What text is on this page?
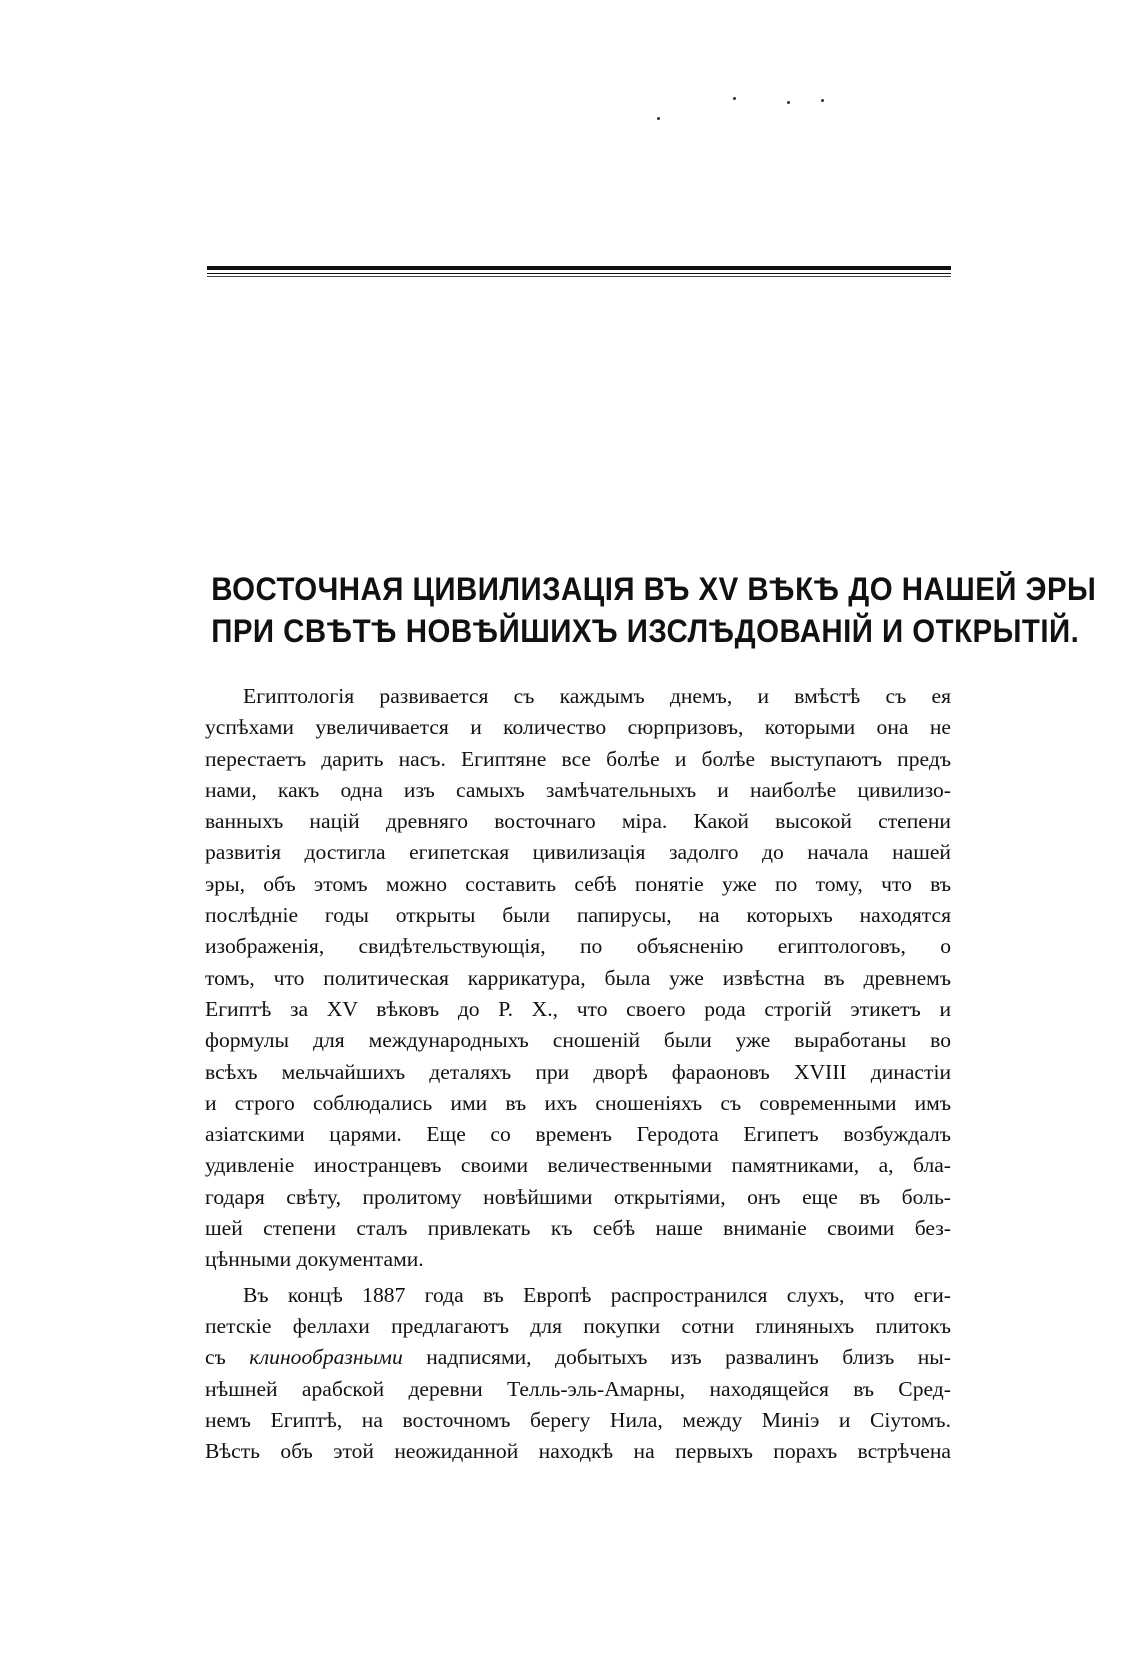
ВОСТОЧНАЯ ЦИВИЛИЗАЦІЯ ВЪ XV ВѢКѢ ДО НАШЕЙ ЭРЫ
ПРИ СВѢТѢ НОВѢЙШИХЪ ИЗСЛѢДОВАНІЙ И ОТКРЫТІЙ.
Египтологія развивается съ каждымъ днемъ, и вмѣстѣ съ ея
успѣхами увеличивается и количество сюрпризовъ, которыми она не
перестаетъ дарить насъ. Египтяне все болѣе и болѣе выступаютъ предъ
нами, какъ одна изъ самыхъ замѣчательныхъ и наиболѣе цивилизо-
ванныхъ націй древняго восточнаго міра. Какой высокой степени
развитія достигла египетская цивилизація задолго до начала нашей
эры, объ этомъ можно составить себѣ понятіе уже по тому, что въ
послѣдніе годы открыты были папирусы, на которыхъ находятся
изображенія, свидѣтельствующія, по объясненію египтологовъ, о
томъ, что политическая каррикатура, была уже извѣстна въ древнемъ
Египтѣ за XV вѣковъ до Р. Х., что своего рода строгій этикетъ и
формулы для международныхъ сношеній были уже выработаны во
всѣхъ мельчайшихъ деталяхъ при дворѣ фараоновъ XVIII династіи
и строго соблюдались ими въ ихъ сношеніяхъ съ современными имъ
азіатскими царями. Еще со временъ Геродота Египетъ возбуждалъ
удивленіе иностранцевъ своими величественными памятниками, а, бла-
годаря свѣту, пролитому новѣйшими открытіями, онъ еще въ боль-
шей степени сталъ привлекать къ себѣ наше вниманіе своими без-
цѣнными документами.
Въ концѣ 1887 года въ Европѣ распространился слухъ, что еги-
петскіе феллахи предлагаютъ для покупки сотни глиняныхъ плитокъ
съ клинообразными надписями, добытыхъ изъ развалинъ близъ ны-
нѣшней арабской деревни Телль-эль-Амарны, находящейся въ Сред-
немъ Египтѣ, на восточномъ берегу Нила, между Миніэ и Сіутомъ.
Вѣсть объ этой неожиданной находкѣ на первыхъ порахъ встрѣчена
